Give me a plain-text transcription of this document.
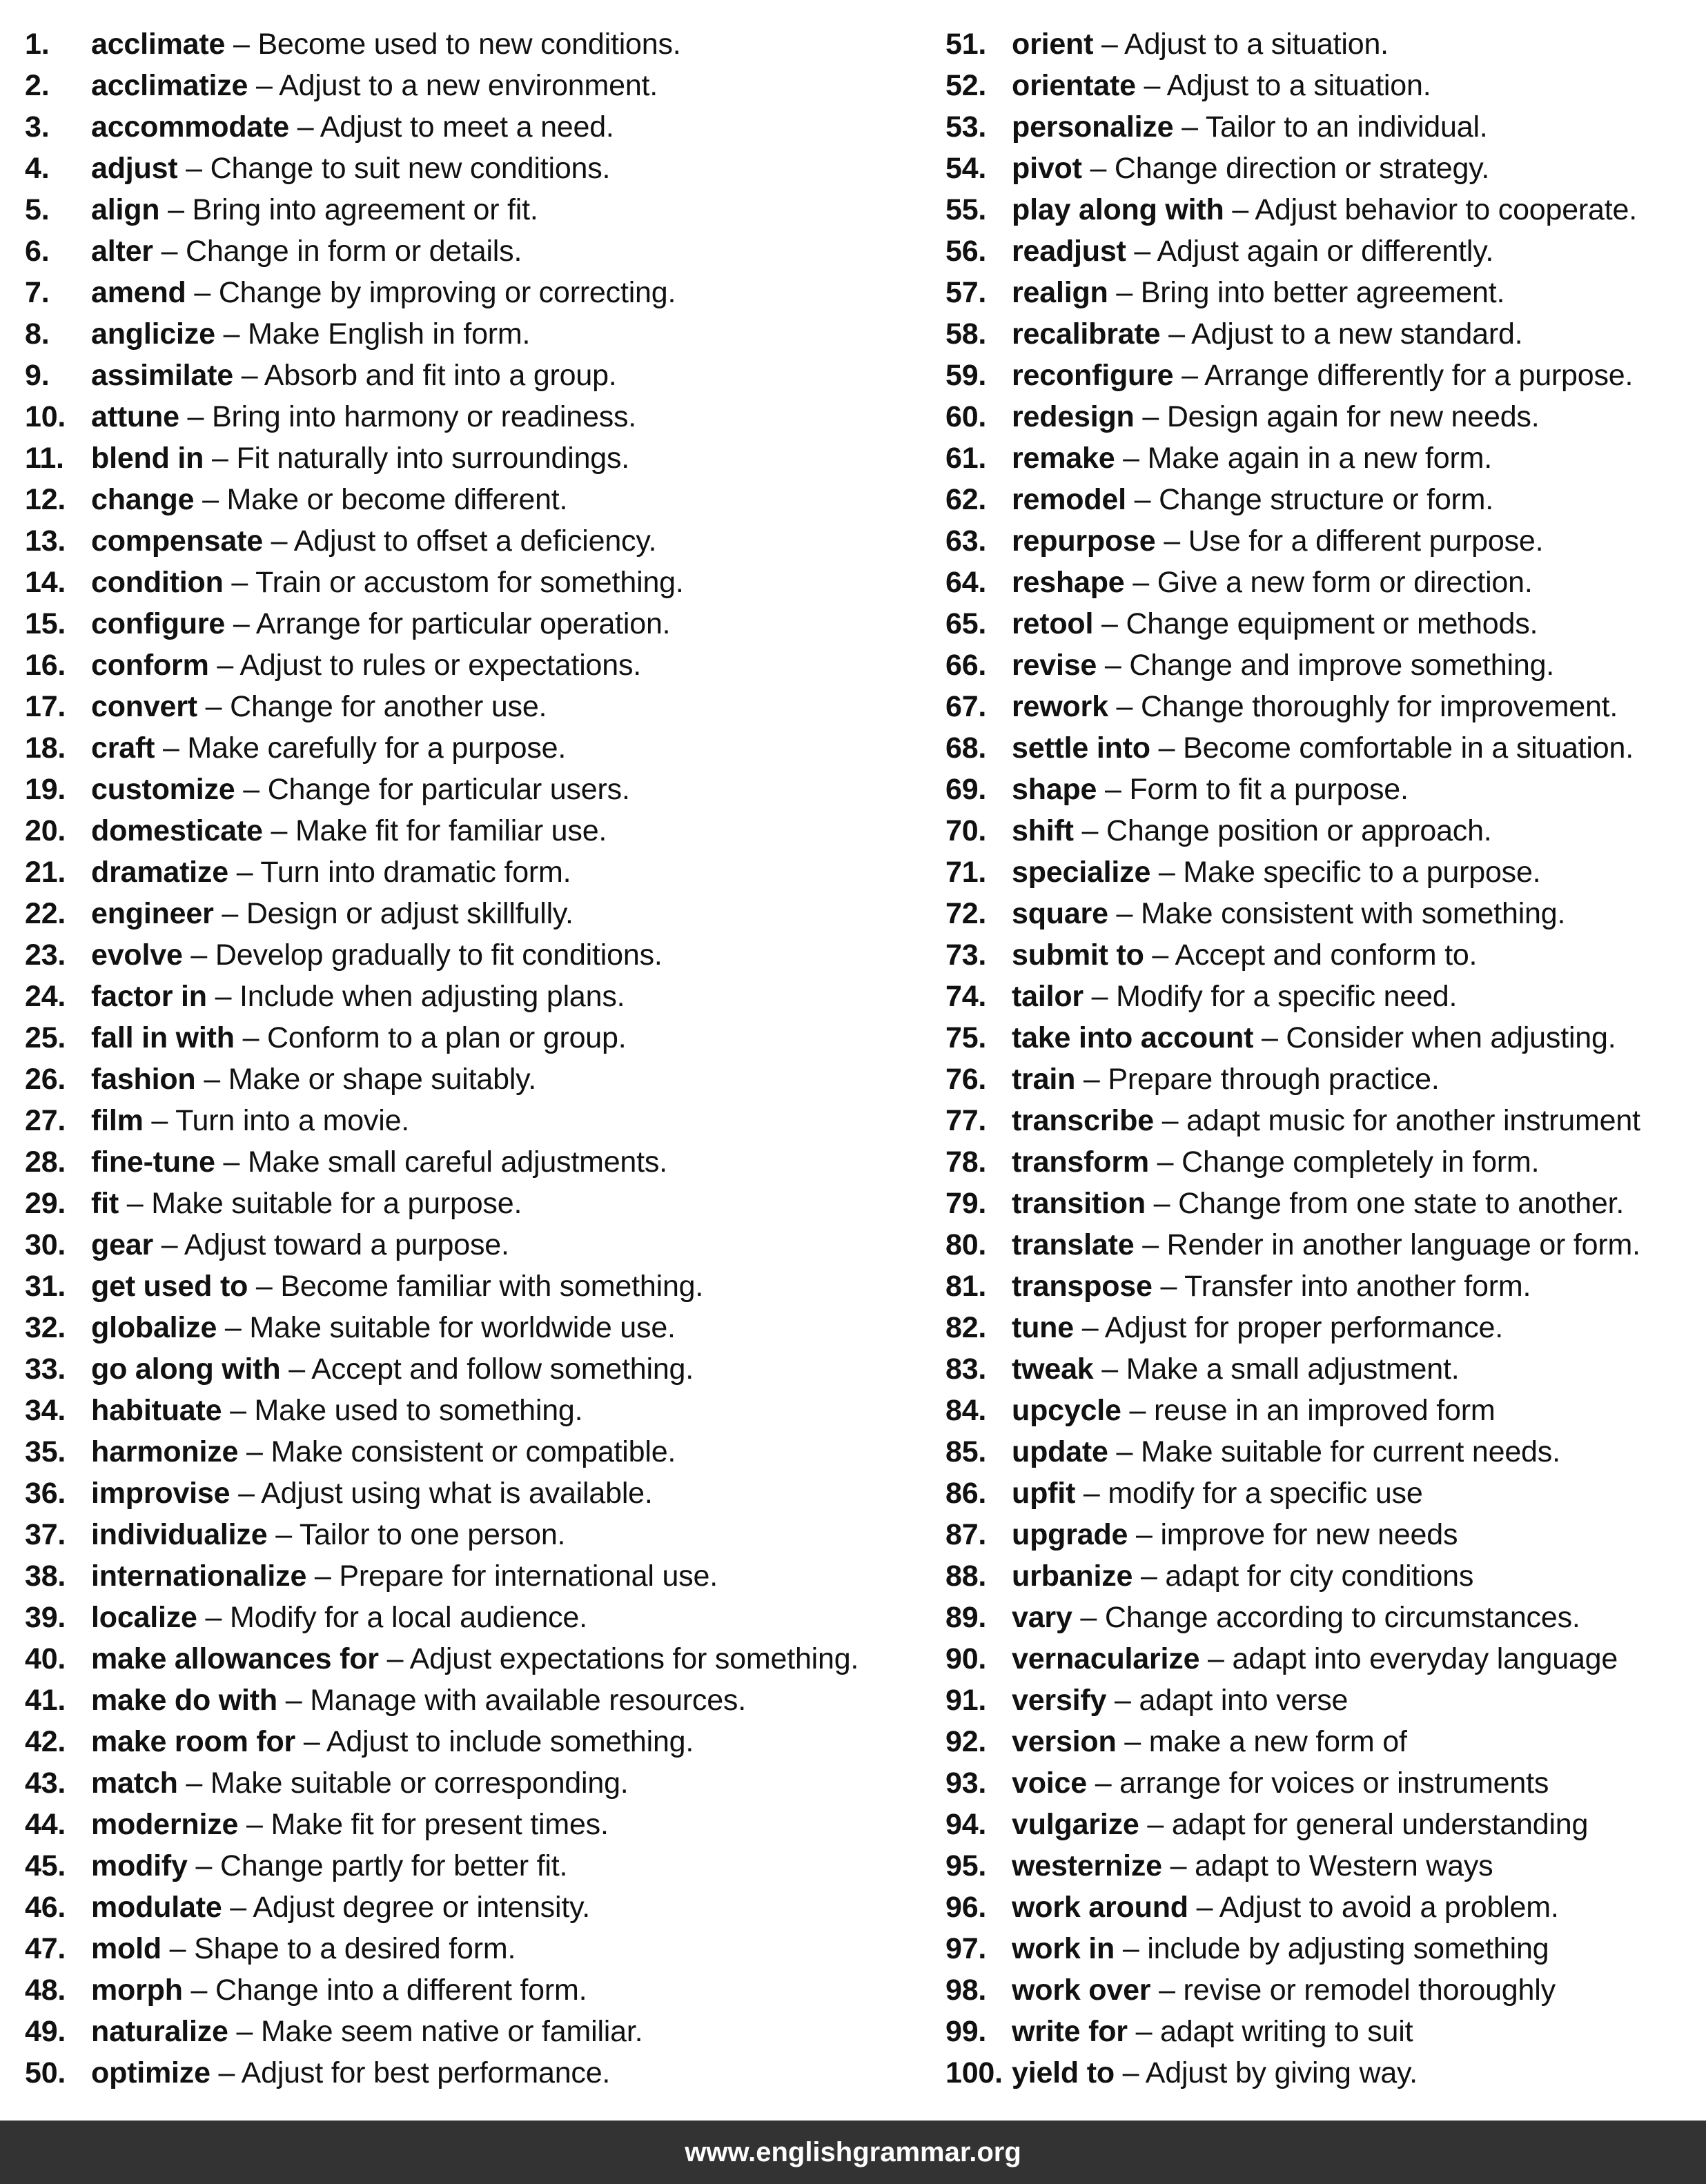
1. acclimate – Become used to new conditions.
2. acclimatize – Adjust to a new environment.
3. accommodate – Adjust to meet a need.
4. adjust – Change to suit new conditions.
5. align – Bring into agreement or fit.
6. alter – Change in form or details.
7. amend – Change by improving or correcting.
8. anglicize – Make English in form.
9. assimilate – Absorb and fit into a group.
10. attune – Bring into harmony or readiness.
11. blend in – Fit naturally into surroundings.
12. change – Make or become different.
13. compensate – Adjust to offset a deficiency.
14. condition – Train or accustom for something.
15. configure – Arrange for particular operation.
16. conform – Adjust to rules or expectations.
17. convert – Change for another use.
18. craft – Make carefully for a purpose.
19. customize – Change for particular users.
20. domesticate – Make fit for familiar use.
21. dramatize – Turn into dramatic form.
22. engineer – Design or adjust skillfully.
23. evolve – Develop gradually to fit conditions.
24. factor in – Include when adjusting plans.
25. fall in with – Conform to a plan or group.
26. fashion – Make or shape suitably.
27. film – Turn into a movie.
28. fine-tune – Make small careful adjustments.
29. fit – Make suitable for a purpose.
30. gear – Adjust toward a purpose.
31. get used to – Become familiar with something.
32. globalize – Make suitable for worldwide use.
33. go along with – Accept and follow something.
34. habituate – Make used to something.
35. harmonize – Make consistent or compatible.
36. improvise – Adjust using what is available.
37. individualize – Tailor to one person.
38. internationalize – Prepare for international use.
39. localize – Modify for a local audience.
40. make allowances for – Adjust expectations for something.
41. make do with – Manage with available resources.
42. make room for – Adjust to include something.
43. match – Make suitable or corresponding.
44. modernize – Make fit for present times.
45. modify – Change partly for better fit.
46. modulate – Adjust degree or intensity.
47. mold – Shape to a desired form.
48. morph – Change into a different form.
49. naturalize – Make seem native or familiar.
50. optimize – Adjust for best performance.
51. orient – Adjust to a situation.
52. orientate – Adjust to a situation.
53. personalize – Tailor to an individual.
54. pivot – Change direction or strategy.
55. play along with – Adjust behavior to cooperate.
56. readjust – Adjust again or differently.
57. realign – Bring into better agreement.
58. recalibrate – Adjust to a new standard.
59. reconfigure – Arrange differently for a purpose.
60. redesign – Design again for new needs.
61. remake – Make again in a new form.
62. remodel – Change structure or form.
63. repurpose – Use for a different purpose.
64. reshape – Give a new form or direction.
65. retool – Change equipment or methods.
66. revise – Change and improve something.
67. rework – Change thoroughly for improvement.
68. settle into – Become comfortable in a situation.
69. shape – Form to fit a purpose.
70. shift – Change position or approach.
71. specialize – Make specific to a purpose.
72. square – Make consistent with something.
73. submit to – Accept and conform to.
74. tailor – Modify for a specific need.
75. take into account – Consider when adjusting.
76. train – Prepare through practice.
77. transcribe – adapt music for another instrument
78. transform – Change completely in form.
79. transition – Change from one state to another.
80. translate – Render in another language or form.
81. transpose – Transfer into another form.
82. tune – Adjust for proper performance.
83. tweak – Make a small adjustment.
84. upcycle – reuse in an improved form
85. update – Make suitable for current needs.
86. upfit – modify for a specific use
87. upgrade – improve for new needs
88. urbanize – adapt for city conditions
89. vary – Change according to circumstances.
90. vernacularize – adapt into everyday language
91. versify – adapt into verse
92. version – make a new form of
93. voice – arrange for voices or instruments
94. vulgarize – adapt for general understanding
95. westernize – adapt to Western ways
96. work around – Adjust to avoid a problem.
97. work in – include by adjusting something
98. work over – revise or remodel thoroughly
99. write for – adapt writing to suit
100. yield to – Adjust by giving way.
www.englishgrammar.org
